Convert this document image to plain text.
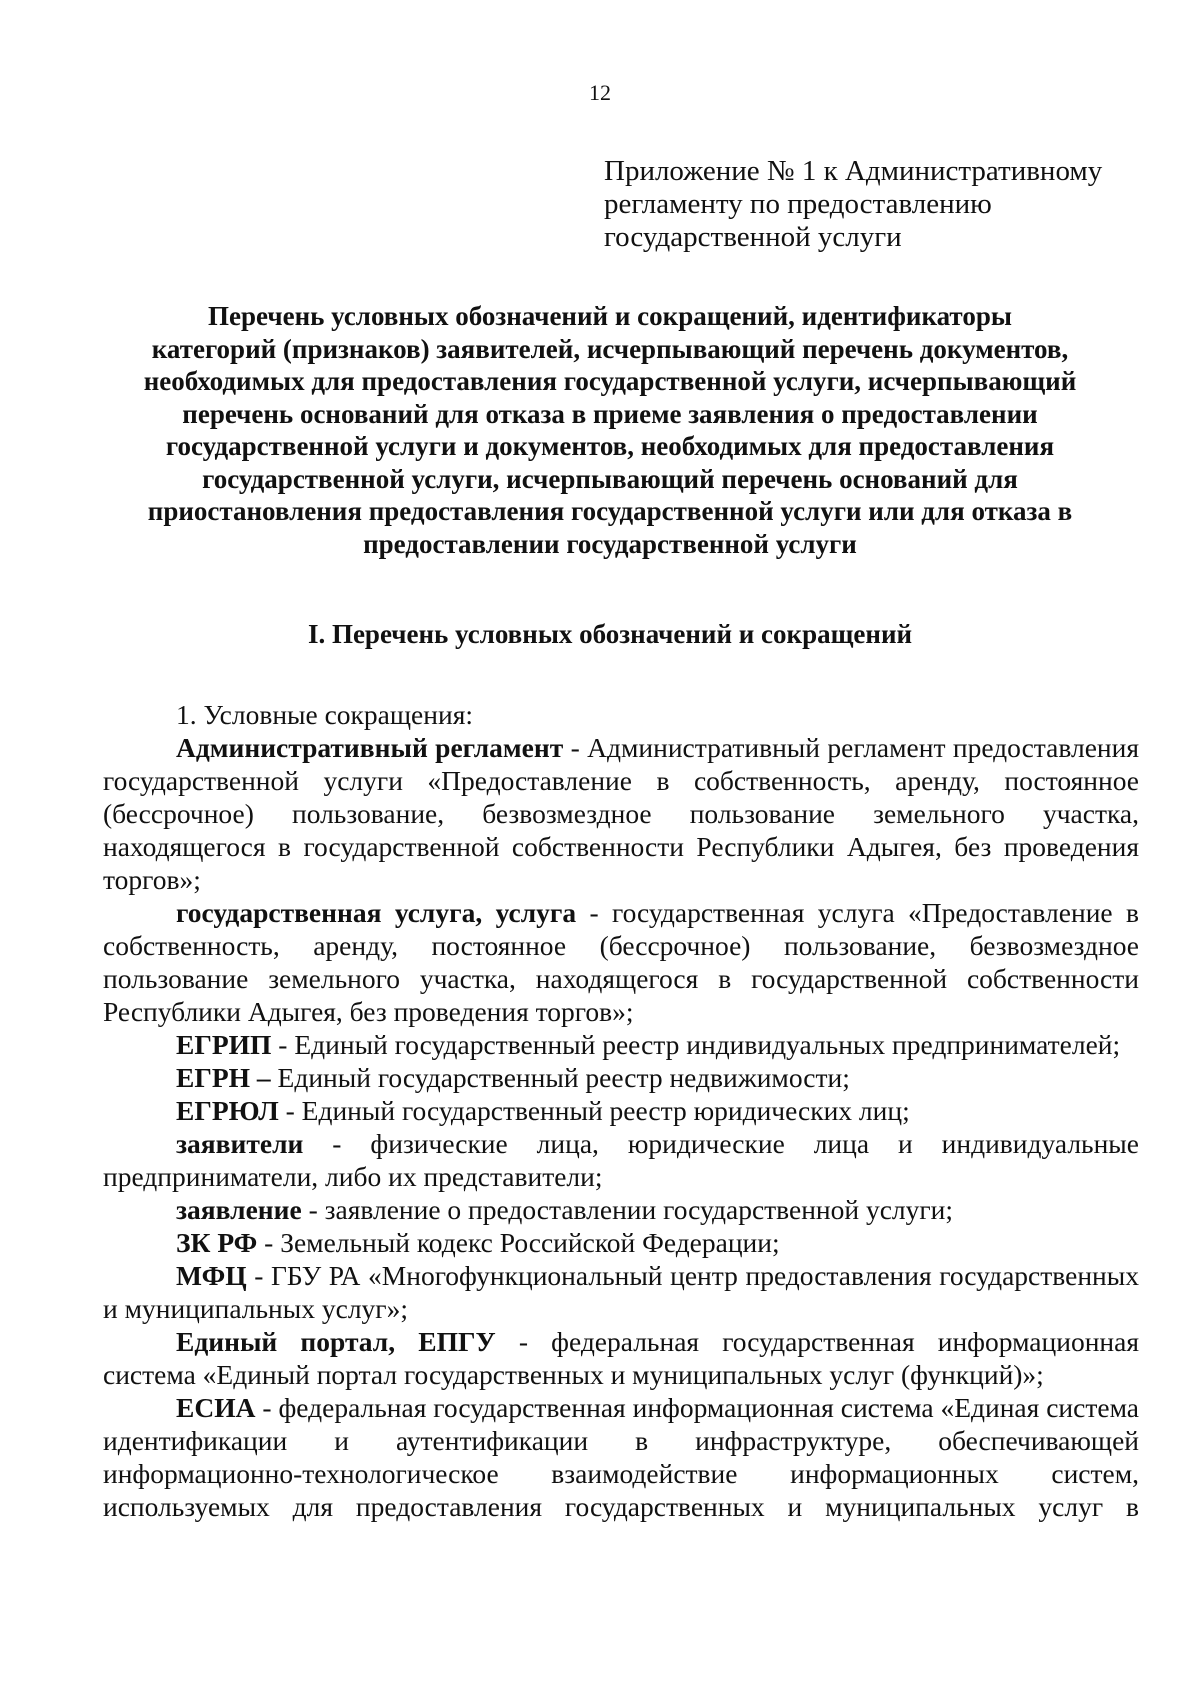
12
Приложение № 1 к Административному
регламенту по предоставлению
государственной услуги
Перечень условных обозначений и сокращений, идентификаторы
категорий (признаков) заявителей, исчерпывающий перечень документов,
необходимых для предоставления государственной услуги, исчерпывающий
перечень оснований для отказа в приеме заявления о предоставлении
государственной услуги и документов, необходимых для предоставления
государственной услуги, исчерпывающий перечень оснований для
приостановления предоставления государственной услуги или для отказа в
предоставлении государственной услуги
I. Перечень условных обозначений и сокращений
1. Условные сокращения:
Административный регламент - Административный регламент предоставления государственной услуги «Предоставление в собственность, аренду, постоянное (бессрочное) пользование, безвозмездное пользование земельного участка, находящегося в государственной собственности Республики Адыгея, без проведения торгов»;
государственная услуга, услуга - государственная услуга «Предоставление в собственность, аренду, постоянное (бессрочное) пользование, безвозмездное пользование земельного участка, находящегося в государственной собственности Республики Адыгея, без проведения торгов»;
ЕГРИП - Единый государственный реестр индивидуальных предпринимателей;
ЕГРН – Единый государственный реестр недвижимости;
ЕГРЮЛ - Единый государственный реестр юридических лиц;
заявители - физические лица, юридические лица и индивидуальные предприниматели, либо их представители;
заявление - заявление о предоставлении государственной услуги;
ЗК РФ - Земельный кодекс Российской Федерации;
МФЦ - ГБУ РА «Многофункциональный центр предоставления государственных и муниципальных услуг»;
Единый портал, ЕПГУ - федеральная государственная информационная система «Единый портал государственных и муниципальных услуг (функций)»;
ЕСИА - федеральная государственная информационная система «Единая система идентификации и аутентификации в инфраструктуре, обеспечивающей информационно-технологическое взаимодействие информационных систем, используемых для предоставления государственных и муниципальных услуг в
